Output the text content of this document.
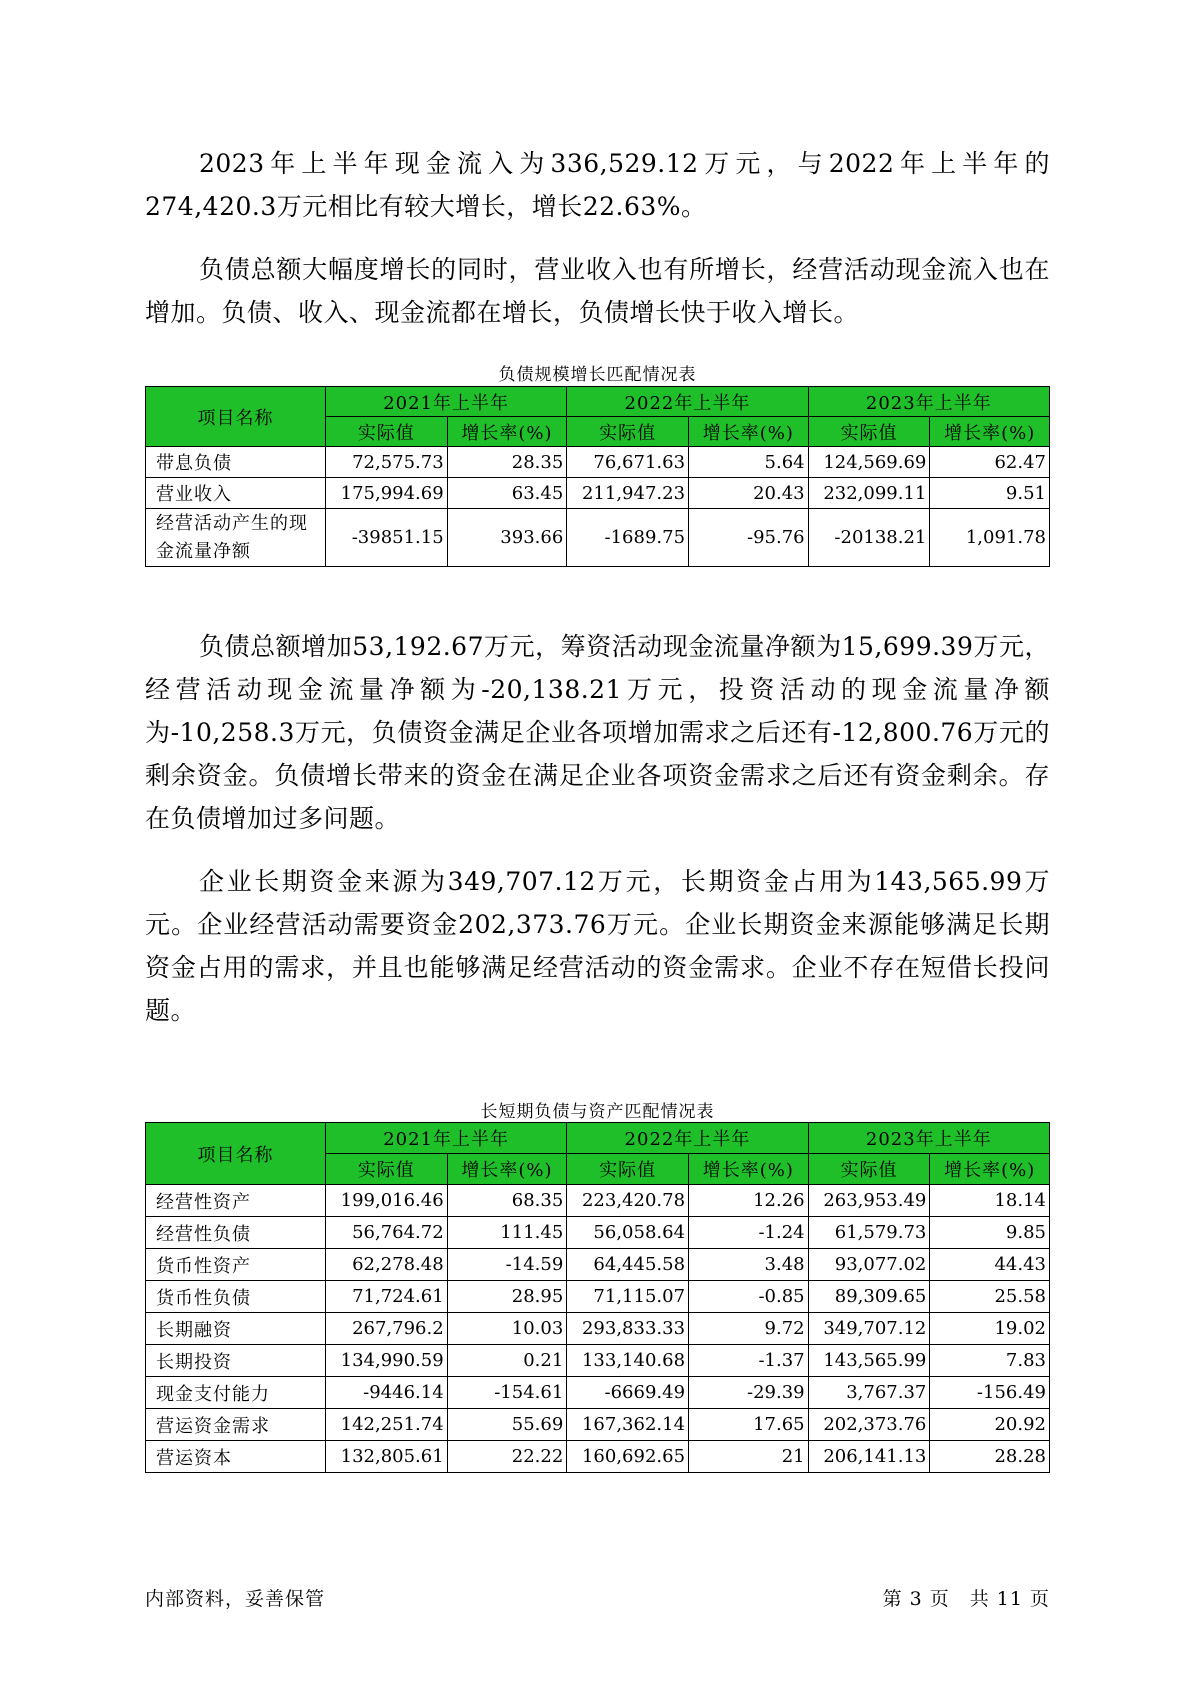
2023年上半年现金流入为336,529.12万元，与2022年上半年的274,420.3万元相比有较大增长，增长22.63%。

负债总额大幅度增长的同时，营业收入也有所增长，经营活动现金流入也在增加。负债、收入、现金流都在增长，负债增长快于收入增长。

负债规模增长匹配情况表
项目名称	2021年上半年		2022年上半年		2023年上半年	
	实际值	增长率(%)	实际值	增长率(%)	实际值	增长率(%)
带息负债	72,575.73	28.35	76,671.63	5.64	124,569.69	62.47
营业收入	175,994.69	63.45	211,947.23	20.43	232,099.11	9.51
经营活动产生的现金流量净额	-39851.15	393.66	-1689.75	-95.76	-20138.21	1,091.78

负债总额增加53,192.67万元，筹资活动现金流量净额为15,699.39万元，经营活动现金流量净额为-20,138.21万元，投资活动的现金流量净额为-10,258.3万元，负债资金满足企业各项增加需求之后还有-12,800.76万元的剩余资金。负债增长带来的资金在满足企业各项资金需求之后还有资金剩余。存在负债增加过多问题。

企业长期资金来源为349,707.12万元，长期资金占用为143,565.99万元。企业经营活动需要资金202,373.76万元。企业长期资金来源能够满足长期资金占用的需求，并且也能够满足经营活动的资金需求。企业不存在短借长投问题。

长短期负债与资产匹配情况表
项目名称	2021年上半年		2022年上半年		2023年上半年	
	实际值	增长率(%)	实际值	增长率(%)	实际值	增长率(%)
经营性资产	199,016.46	68.35	223,420.78	12.26	263,953.49	18.14
经营性负债	56,764.72	111.45	56,058.64	-1.24	61,579.73	9.85
货币性资产	62,278.48	-14.59	64,445.58	3.48	93,077.02	44.43
货币性负债	71,724.61	28.95	71,115.07	-0.85	89,309.65	25.58
长期融资	267,796.2	10.03	293,833.33	9.72	349,707.12	19.02
长期投资	134,990.59	0.21	133,140.68	-1.37	143,565.99	7.83
现金支付能力	-9446.14	-154.61	-6669.49	-29.39	3,767.37	-156.49
营运资金需求	142,251.74	55.69	167,362.14	17.65	202,373.76	20.92
营运资本	132,805.61	22.22	160,692.65	21	206,141.13	28.28
内部资料，妥善保管	第 3 页　共 11 页
